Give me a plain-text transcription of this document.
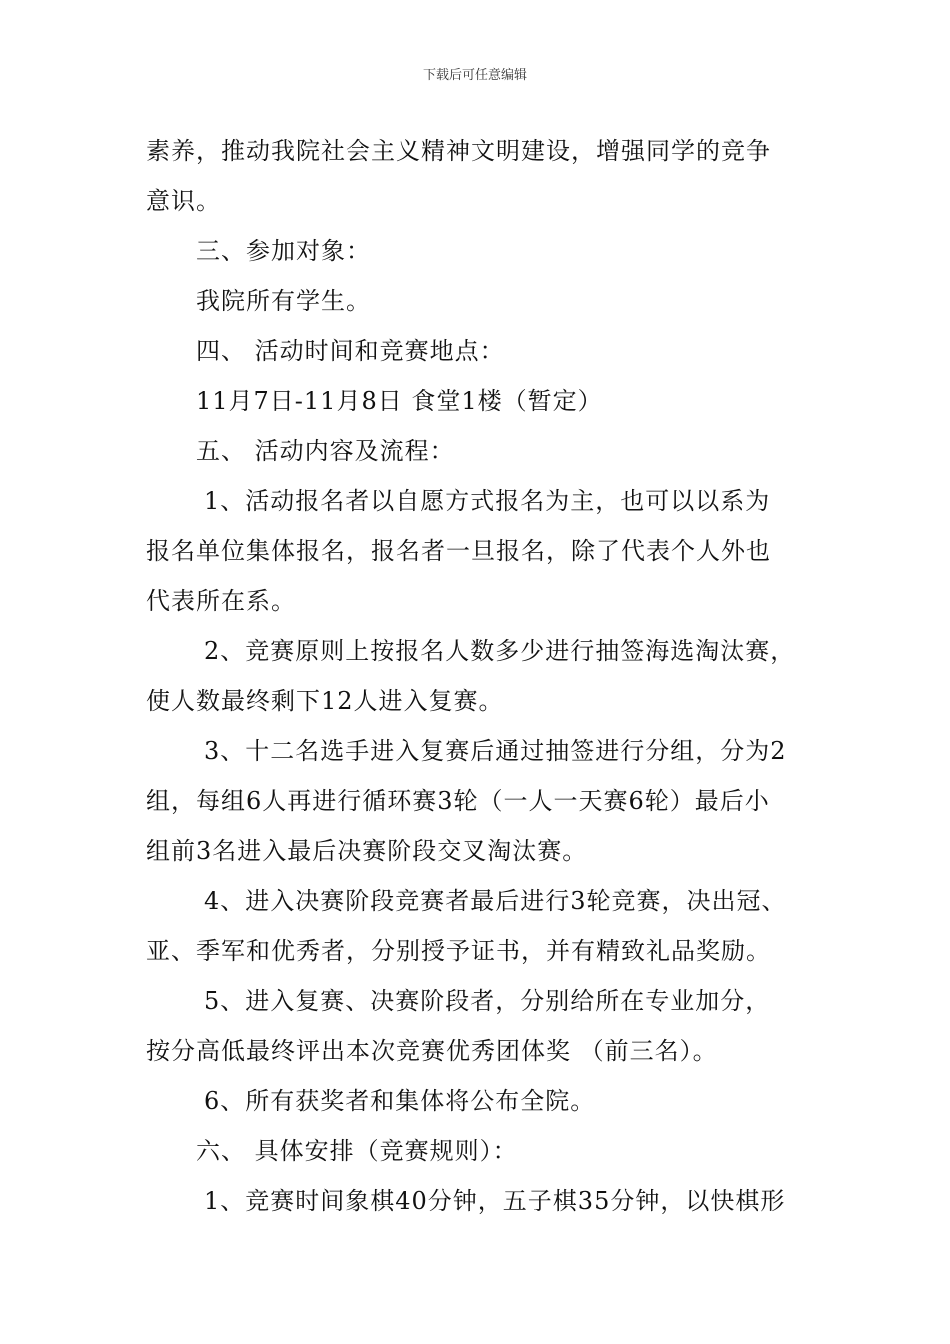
下载后可任意编辑
素养，推动我院社会主义精神文明建设，增强同学的竞争
意识。
三、参加对象：
我院所有学生。
四、 活动时间和竞赛地点：
11月7日-11月8日 食堂1楼（暂定）
五、 活动内容及流程：
1、活动报名者以自愿方式报名为主，也可以以系为
报名单位集体报名，报名者一旦报名，除了代表个人外也
代表所在系。
2、竞赛原则上按报名人数多少进行抽签海选淘汰赛，
使人数最终剩下12人进入复赛。
3、十二名选手进入复赛后通过抽签进行分组，分为2
组，每组6人再进行循环赛3轮（一人一天赛6轮）最后小
组前3名进入最后决赛阶段交叉淘汰赛。
4、进入决赛阶段竞赛者最后进行3轮竞赛，决出冠、
亚、季军和优秀者，分别授予证书，并有精致礼品奖励。
5、进入复赛、决赛阶段者，分别给所在专业加分，
按分高低最终评出本次竞赛优秀团体奖 （前三名）。
6、所有获奖者和集体将公布全院。
六、 具体安排（竞赛规则）：
1、竞赛时间象棋40分钟，五子棋35分钟，以快棋形
